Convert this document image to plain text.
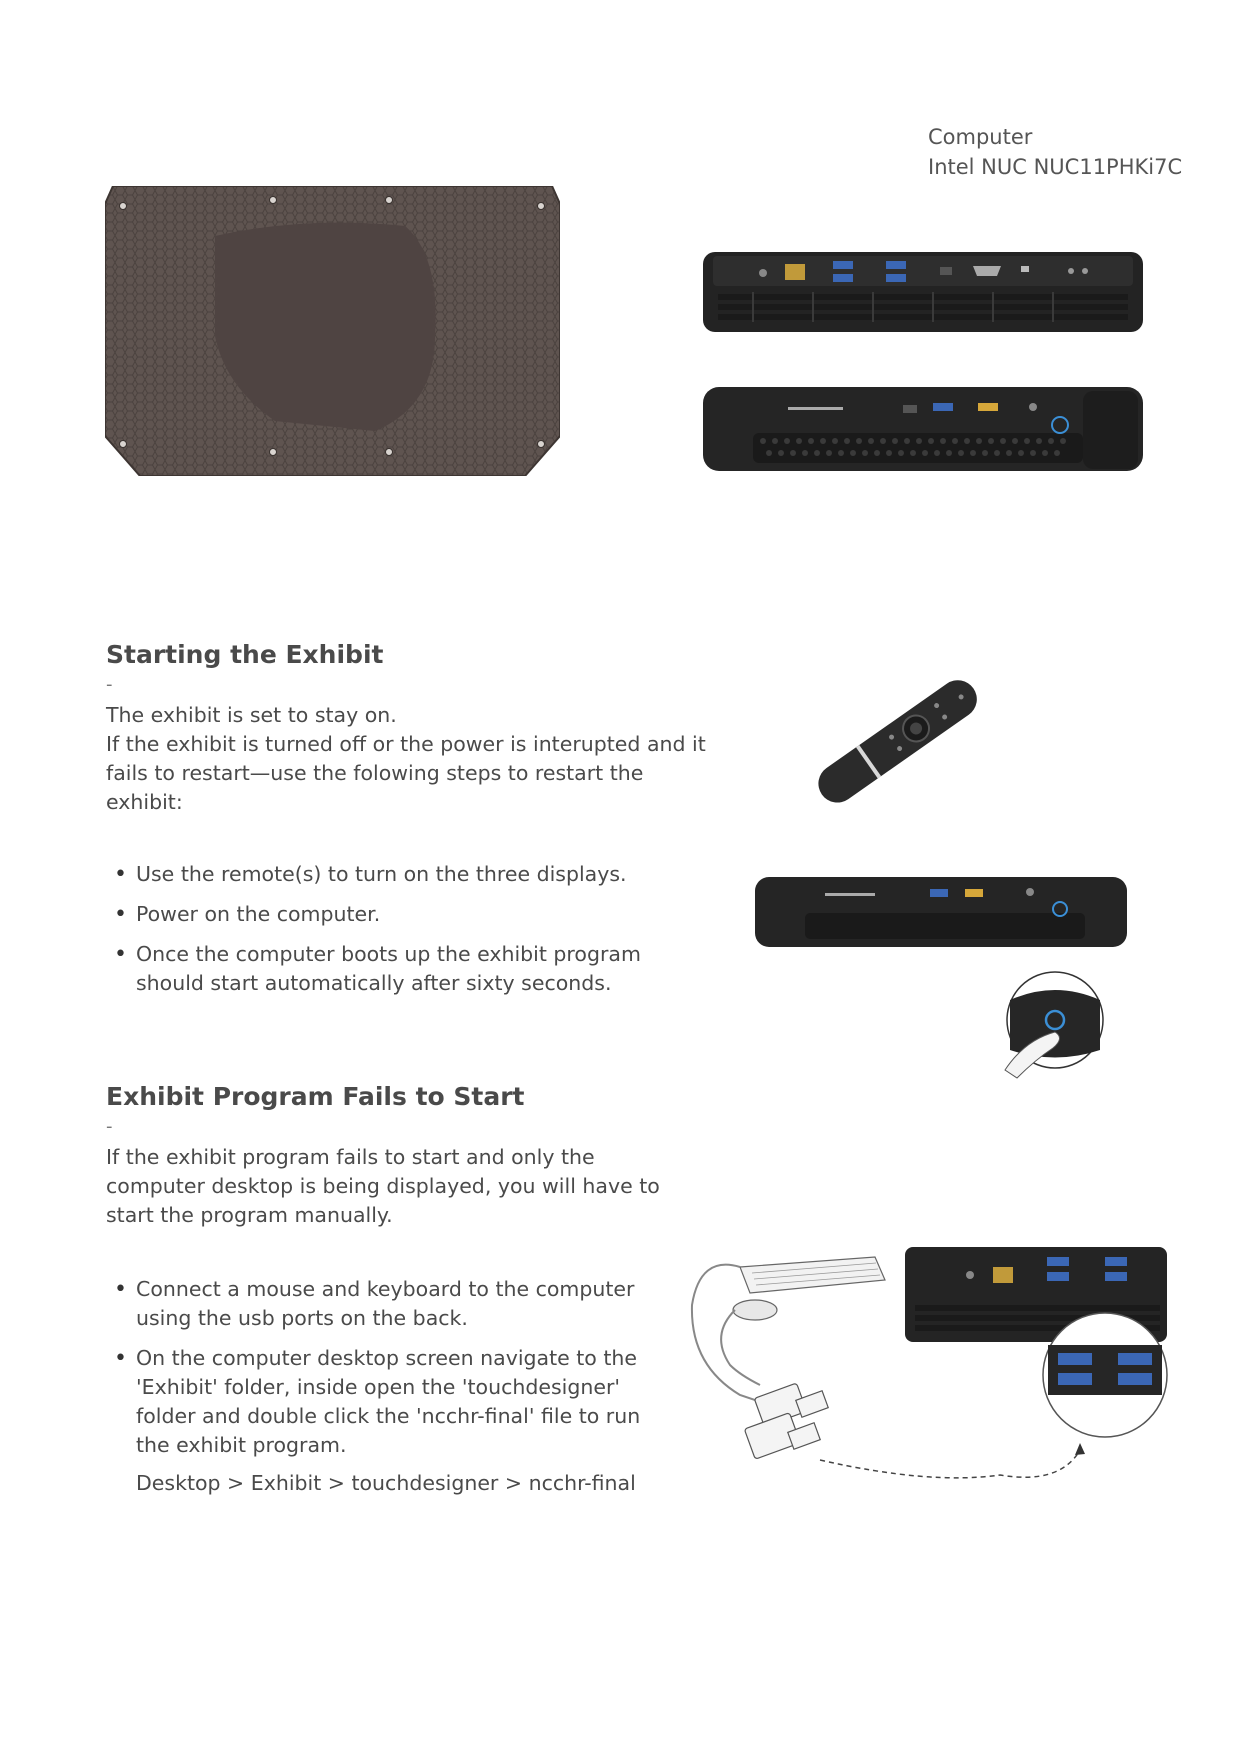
Computer
Intel NUC NUC11PHKi7C
Starting the Exhibit
-
The exhibit is set to stay on.
If the exhibit is turned off or the power is interupted and it fails to restart—use the folowing steps to restart the exhibit:
• Use the remote(s) to turn on the three displays.
• Power on the computer.
• Once the computer boots up the exhibit program should start automatically after sixty seconds.
Exhibit Program Fails to Start
-
If the exhibit program fails to start and only the computer desktop is being displayed, you will have to start the program manually.
• Connect a mouse and keyboard to the computer using the usb ports on the back.
• On the computer desktop screen navigate to the 'Exhibit' folder, inside open the 'touchdesigner' folder and double click the 'ncchr-final' file to run the exhibit program.
Desktop > Exhibit > touchdesigner > ncchr-final
